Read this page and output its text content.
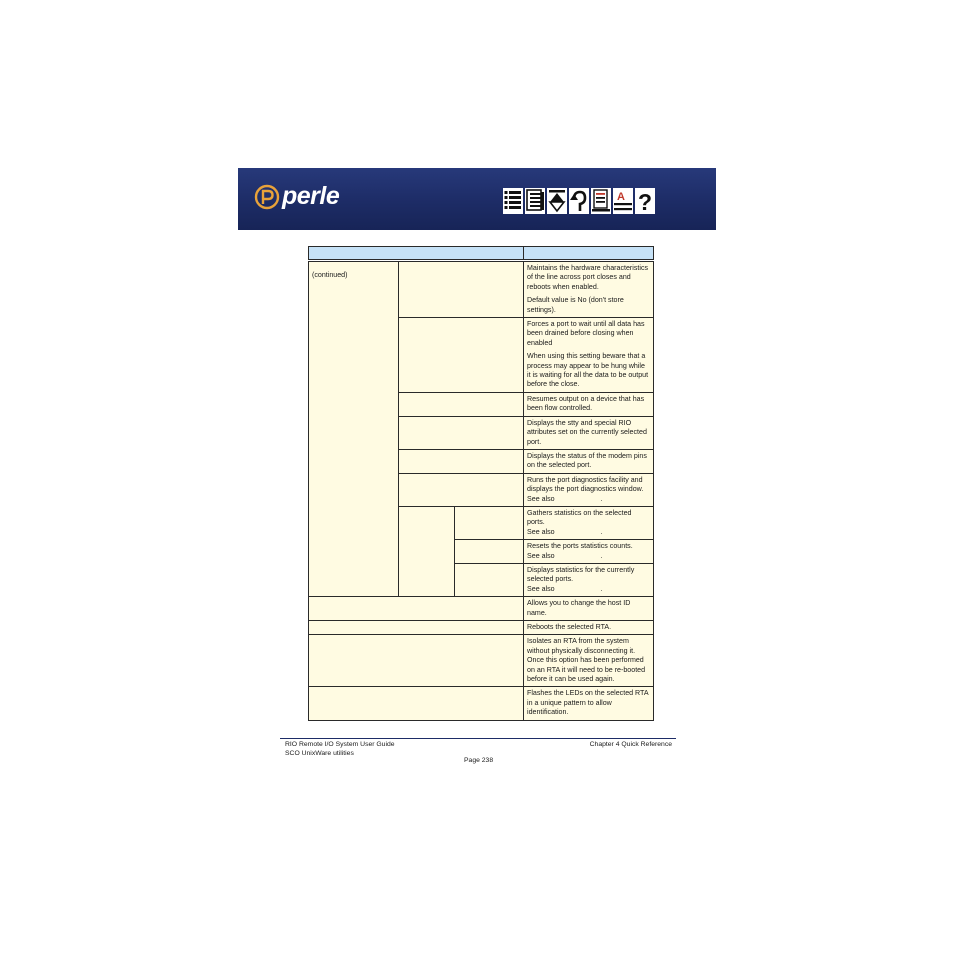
perle	A ?

(continued)			Maintains the hardware characteristics of the line across port closes and reboots when enabled.

Default value is No (don't store settings).

			Forces a port to wait until all data has been drained before closing when enabled

When using this setting beware that a process may appear to be hung while it is waiting for all the data to be output before the close.

			Resumes output on a device that has been flow controlled.

			Displays the stty and special RIO attributes set on the currently selected port.

			Displays the status of the modem pins on the selected port.

			Runs the port diagnostics facility and displays the port diagnostics window.
See also .

			Gathers statistics on the selected ports.
See also .

			Resets the ports statistics counts.
See also .

			Displays statistics for the currently selected ports.
See also .

			Allows you to change the host ID name.

			Reboots the selected RTA.

			Isolates an RTA from the system without physically disconnecting it. Once this option has been performed on an RTA it will need to be re-booted before it can be used again.

			Flashes the LEDs on the selected RTA in a unique pattern to allow identification.

RIO Remote I/O System User Guide
SCO UnixWare utilities
Chapter 4 Quick Reference
Page 238
